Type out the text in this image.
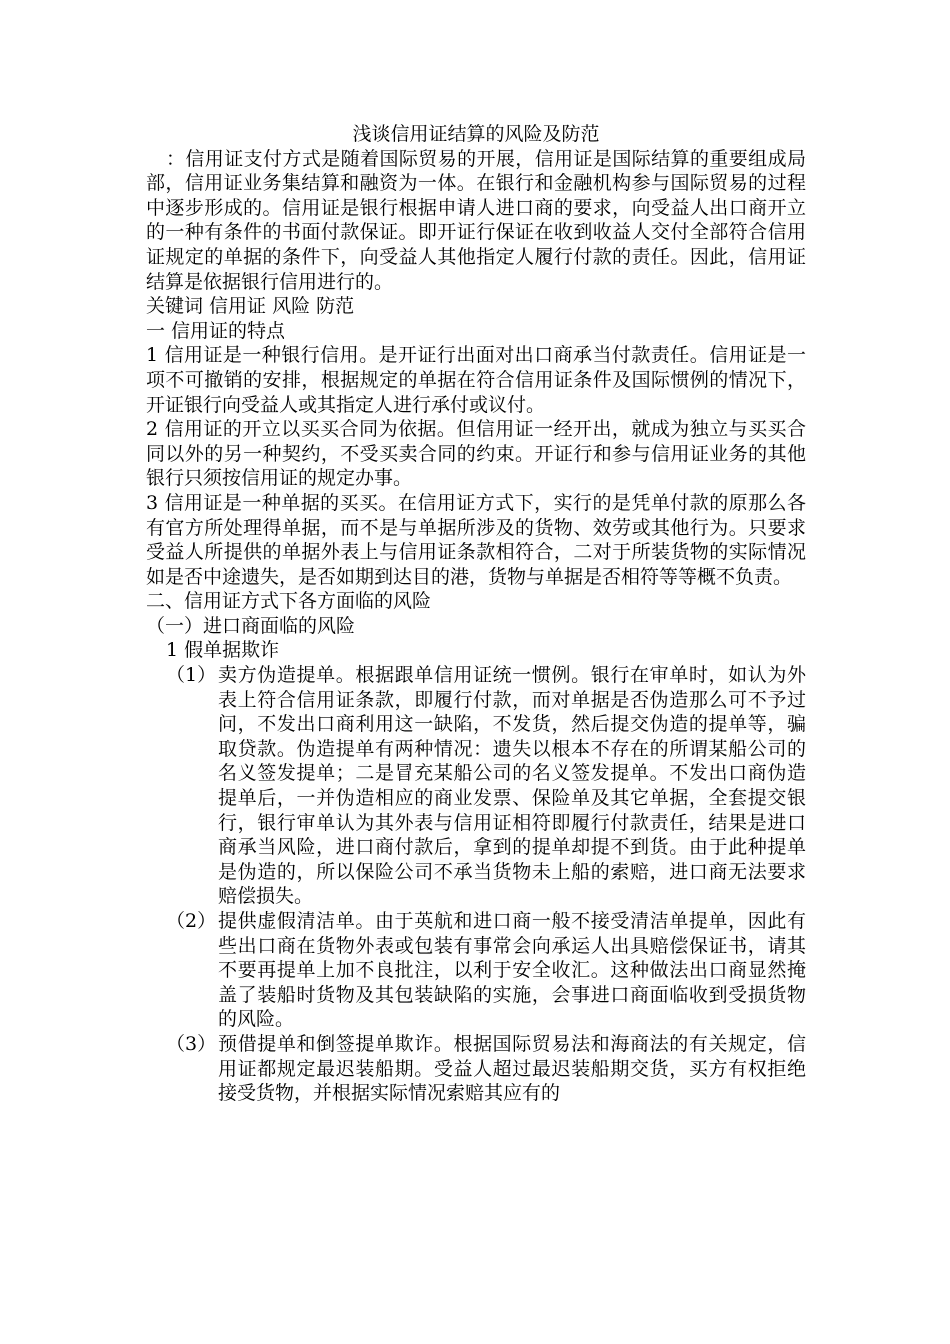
浅谈信用证结算的风险及防范

：信用证支付方式是随着国际贸易的开展，信用证是国际结算的重要组成局部，信用证业务集结算和融资为一体。在银行和金融机构参与国际贸易的过程中逐步形成的。信用证是银行根据申请人进口商的要求，向受益人出口商开立的一种有条件的书面付款保证。即开证行保证在收到收益人交付全部符合信用证规定的单据的条件下，向受益人其他指定人履行付款的责任。因此，信用证结算是依据银行信用进行的。

关键词 信用证 风险 防范

一 信用证的特点

1 信用证是一种银行信用。是开证行出面对出口商承当付款责任。信用证是一项不可撤销的安排，根据规定的单据在符合信用证条件及国际惯例的情况下，开证银行向受益人或其指定人进行承付或议付。

2 信用证的开立以买买合同为依据。但信用证一经开出，就成为独立与买买合同以外的另一种契约，不受买卖合同的约束。开证行和参与信用证业务的其他银行只须按信用证的规定办事。

3 信用证是一种单据的买买。在信用证方式下，实行的是凭单付款的原那么各有官方所处理得单据，而不是与单据所涉及的货物、效劳或其他行为。只要求受益人所提供的单据外表上与信用证条款相符合，二对于所装货物的实际情况如是否中途遗失，是否如期到达目的港，货物与单据是否相符等等概不负责。

二、信用证方式下各方面临的风险

（一）进口商面临的风险

1 假单据欺诈

（1） 卖方伪造提单。根据跟单信用证统一惯例。银行在审单时，如认为外表上符合信用证条款，即履行付款，而对单据是否伪造那么可不予过问，不发出口商利用这一缺陷，不发货，然后提交伪造的提单等，骗取贷款。伪造提单有两种情况：遗失以根本不存在的所谓某船公司的名义签发提单；二是冒充某船公司的名义签发提单。不发出口商伪造提单后，一并伪造相应的商业发票、保险单及其它单据，全套提交银行，银行审单认为其外表与信用证相符即履行付款责任，结果是进口商承当风险，进口商付款后，拿到的提单却提不到货。由于此种提单是伪造的，所以保险公司不承当货物未上船的索赔，进口商无法要求赔偿损失。
（2） 提供虚假清洁单。由于英航和进口商一般不接受清洁单提单，因此有些出口商在货物外表或包装有事常会向承运人出具赔偿保证书，请其不要再提单上加不良批注，以利于安全收汇。这种做法出口商显然掩盖了装船时货物及其包装缺陷的实施，会事进口商面临收到受损货物的风险。
（3） 预借提单和倒签提单欺诈。根据国际贸易法和海商法的有关规定，信用证都规定最迟装船期。受益人超过最迟装船期交货，买方有权拒绝接受货物，并根据实际情况索赔其应有的
